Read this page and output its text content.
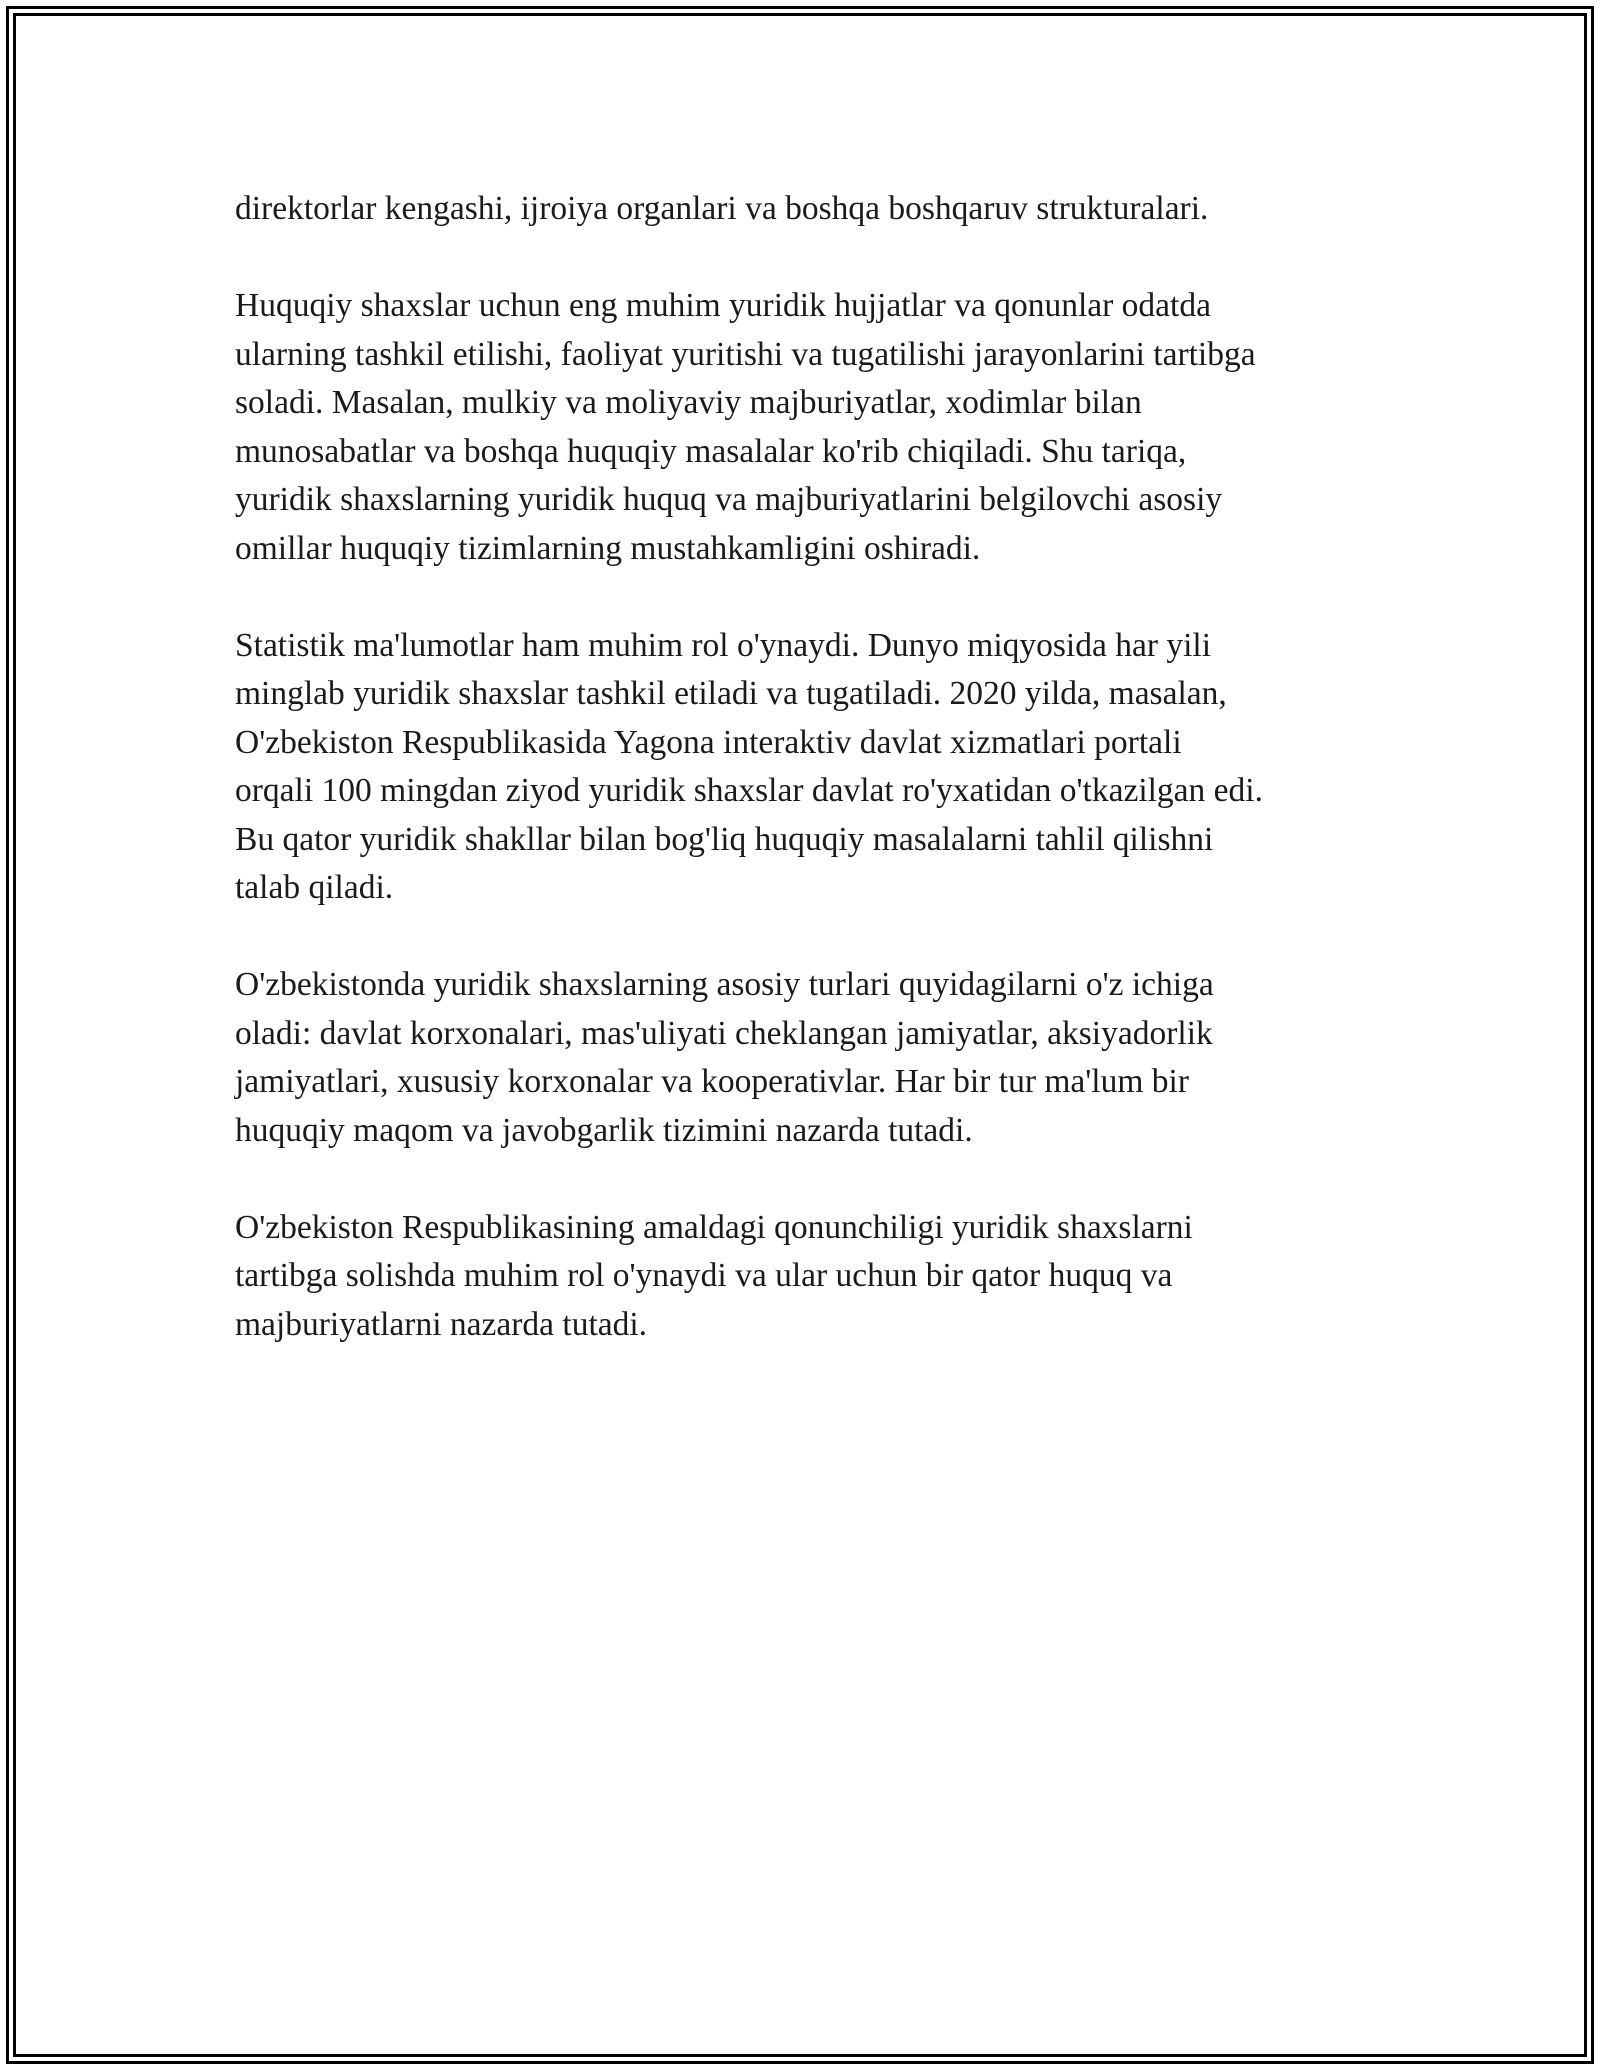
direktorlar kengashi, ijroiya organlari va boshqa boshqaruv strukturalari.

Huquqiy shaxslar uchun eng muhim yuridik hujjatlar va qonunlar odatda
ularning tashkil etilishi, faoliyat yuritishi va tugatilishi jarayonlarini tartibga
soladi. Masalan, mulkiy va moliyaviy majburiyatlar, xodimlar bilan
munosabatlar va boshqa huquqiy masalalar ko'rib chiqiladi. Shu tariqa,
yuridik shaxslarning yuridik huquq va majburiyatlarini belgilovchi asosiy
omillar huquqiy tizimlarning mustahkamligini oshiradi.

Statistik ma'lumotlar ham muhim rol o'ynaydi. Dunyo miqyosida har yili
minglab yuridik shaxslar tashkil etiladi va tugatiladi. 2020 yilda, masalan,
O'zbekiston Respublikasida Yagona interaktiv davlat xizmatlari portali
orqali 100 mingdan ziyod yuridik shaxslar davlat ro'yxatidan o'tkazilgan edi.
Bu qator yuridik shakllar bilan bog'liq huquqiy masalalarni tahlil qilishni
talab qiladi.

O'zbekistonda yuridik shaxslarning asosiy turlari quyidagilarni o'z ichiga
oladi: davlat korxonalari, mas'uliyati cheklangan jamiyatlar, aksiyadorlik
jamiyatlari, xususiy korxonalar va kooperativlar. Har bir tur ma'lum bir
huquqiy maqom va javobgarlik tizimini nazarda tutadi.

O'zbekiston Respublikasining amaldagi qonunchiligi yuridik shaxslarni
tartibga solishda muhim rol o'ynaydi va ular uchun bir qator huquq va
majburiyatlarni nazarda tutadi.
